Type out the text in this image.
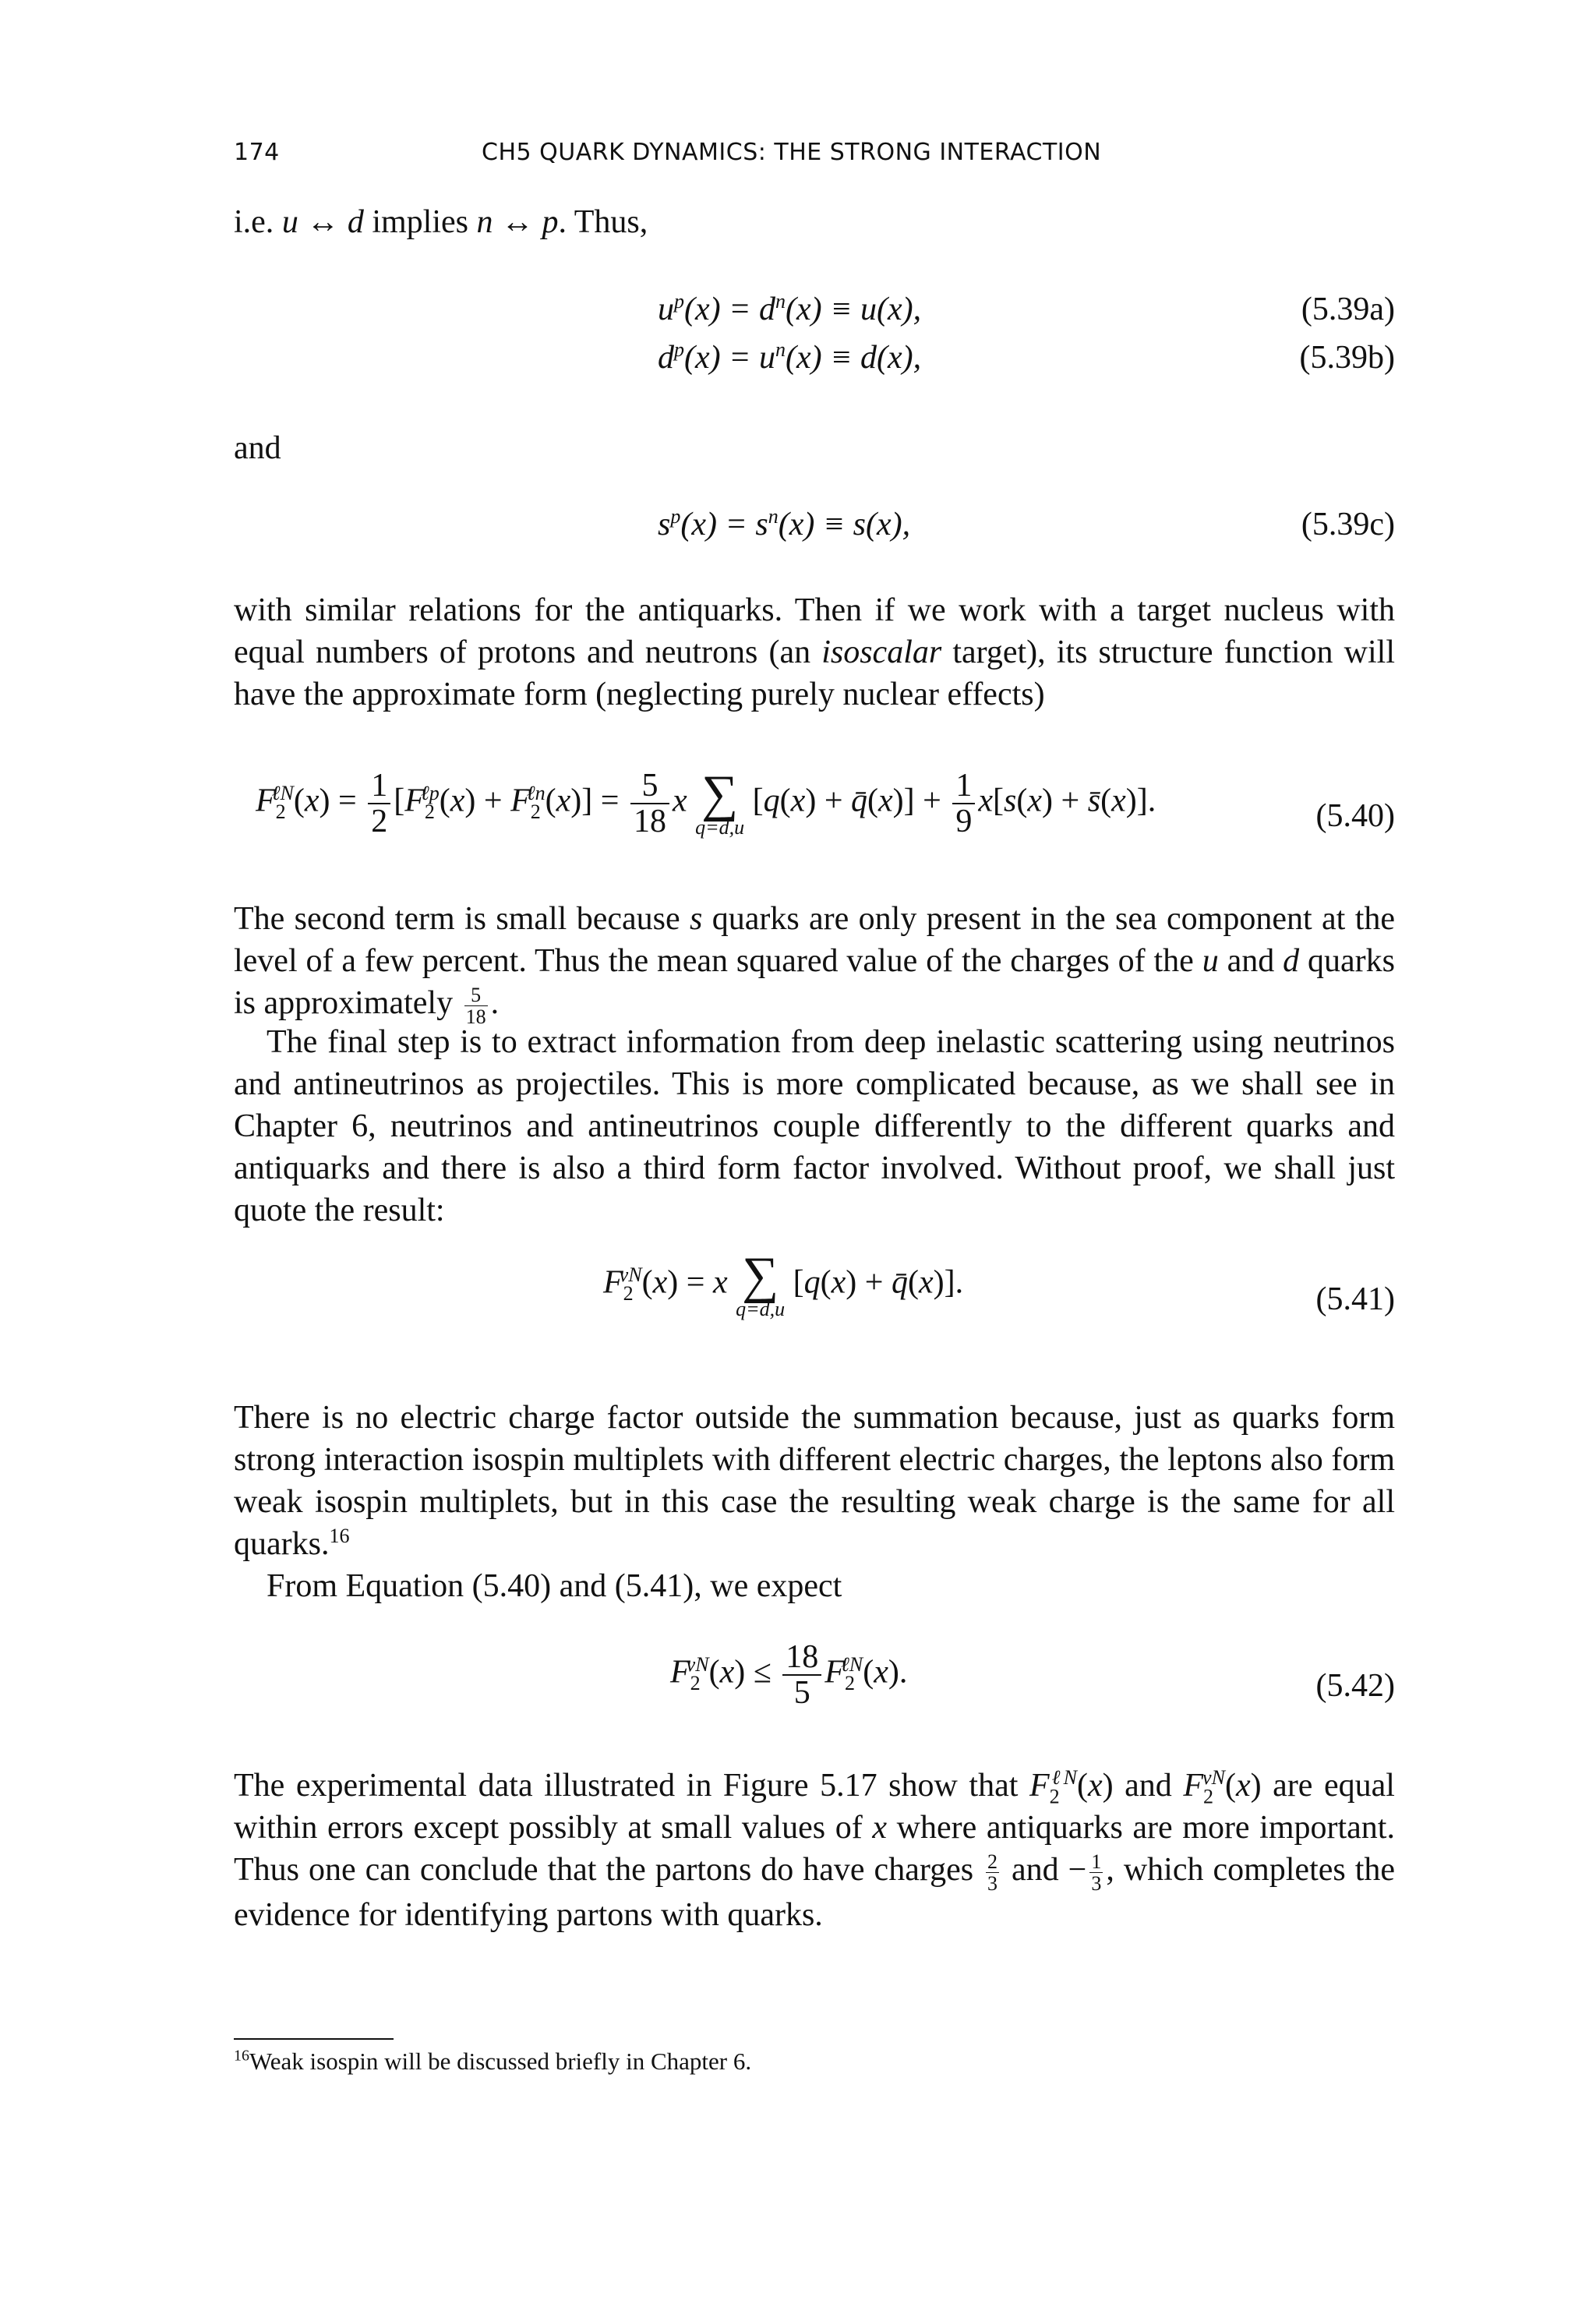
174	CH5 QUARK DYNAMICS: THE STRONG INTERACTION
i.e. u ↔ d implies n ↔ p. Thus,
$u^p(x) = d^n(x) \equiv u(x)$,	(5.39a)
$d^p(x) = u^n(x) \equiv d(x)$,	(5.39b)
and
$s^p(x) = s^n(x) \equiv s(x)$,	(5.39c)
with similar relations for the antiquarks. Then if we work with a target nucleus with equal numbers of protons and neutrons (an isoscalar target), its structure function will have the approximate form (neglecting purely nuclear effects)
$F_2^{\ell N}(x) = \frac{1}{2} [F_2^{\ell p}(x) + F_2^{\ell n}(x)] = \frac{5}{18}$ x ∑
q=d,u
[q(x) + q̄(x)] + $\frac{1}{9} x[s(x)$ + s̄(x)].	(5.40)
The second term is small because s quarks are only present in the sea component at the level of a few percent. Thus the mean squared value of the charges of the u and d quarks is approximately $\frac{5}{18}$ .
The final step is to extract information from deep inelastic scattering using neutrinos and antineutrinos as projectiles. This is more complicated because, as we shall see in Chapter 6, neutrinos and antineutrinos couple differently to the different quarks and antiquarks and there is also a third form factor involved. Without proof, we shall just quote the result:
$F_2^{\nu N}(x) = x$ ∑
q=d,u
[q(x) + q̄(x)].	(5.41)
There is no electric charge factor outside the summation because, just as quarks form strong interaction isospin multiplets with different electric charges, the leptons also form weak isospin multiplets, but in this case the resulting weak charge is the same for all quarks.$^{16}$
From Equation (5.40) and (5.41), we expect
$F_2^{\nu N}(x) \le \frac{18}{5} F_2^{\ell N}(x)$.	(5.42)
The experimental data illustrated in Figure 5.17 show that $F_2^{\ell N}(x)$ and $F_2^{\nu N}(x)$ are equal within errors except possibly at small values of x where antiquarks are more important. Thus one can conclude that the partons do have charges $\frac{2}{3}$ and − $\frac{1}{3}$ , which completes the evidence for identifying partons with quarks.
$^{16}$Weak isospin will be discussed briefly in Chapter 6.
